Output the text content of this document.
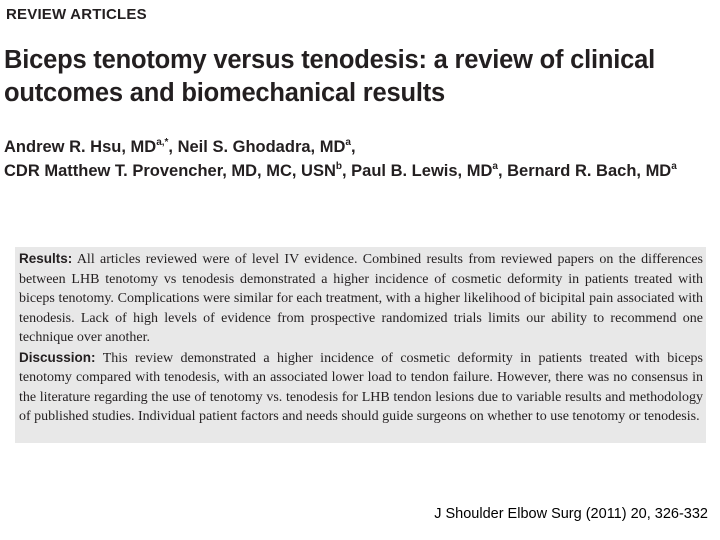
REVIEW ARTICLES
Biceps tenotomy versus tenodesis: a review of clinical outcomes and biomechanical results
Andrew R. Hsu, $MD^{a,*}$, Neil S. Ghodadra, $MD^a$,
CDR Matthew T. Provencher, MD, MC, USN$^b$, Paul B. Lewis, $MD^a$, Bernard R. Bach, $MD^a$
Results: All articles reviewed were of level IV evidence. Combined results from reviewed papers on the differences between LHB tenotomy vs tenodesis demonstrated a higher incidence of cosmetic deformity in patients treated with biceps tenotomy. Complications were similar for each treatment, with a higher likelihood of bicipital pain associated with tenodesis. Lack of high levels of evidence from prospective randomized trials limits our ability to recommend one technique over another.
Discussion: This review demonstrated a higher incidence of cosmetic deformity in patients treated with biceps tenotomy compared with tenodesis, with an associated lower load to tendon failure. However, there was no consensus in the literature regarding the use of tenotomy vs. tenodesis for LHB tendon lesions due to variable results and methodology of published studies. Individual patient factors and needs should guide surgeons on whether to use tenotomy or tenodesis.
J Shoulder Elbow Surg (2011) 20, 326-332
